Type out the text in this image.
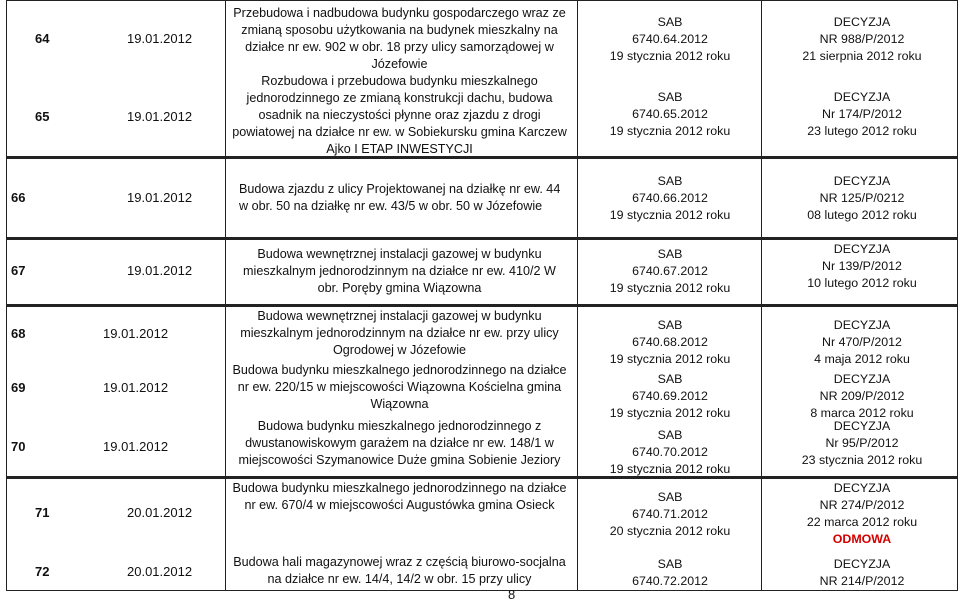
64	19.01.2012
Przebudowa i nadbudowa budynku gospodarczego wraz ze zmianą sposobu użytkowania na budynek mieszkalny na działce nr ew. 902 w obr. 18 przy ulicy samorządowej w Józefowie
SAB
6740.64.2012
19 stycznia 2012 roku
DECYZJA
NR 988/P/2012
21 sierpnia 2012 roku
65	19.01.2012
Rozbudowa i przebudowa budynku mieszkalnego jednorodzinnego ze zmianą konstrukcji dachu, budowa osadnik na nieczystości płynne oraz zjazdu z drogi powiatowej na działce nr ew. w Sobiekursku gmina Karczew Ajko I ETAP INWESTYCJI
SAB
6740.65.2012
19 stycznia 2012 roku
DECYZJA
Nr 174/P/2012
23 lutego 2012 roku
66	19.01.2012
Budowa zjazdu z ulicy Projektowanej na działkę nr ew. 44 w obr. 50 na działkę nr ew. 43/5 w obr. 50 w Józefowie
SAB
6740.66.2012
19 stycznia 2012 roku
DECYZJA
NR 125/P/0212
08 lutego 2012 roku
67	19.01.2012
Budowa wewnętrznej instalacji gazowej w budynku mieszkalnym jednorodzinnym na działce nr ew. 410/2 W obr. Poręby gmina Wiązowna
SAB
6740.67.2012
19 stycznia 2012 roku
DECYZJA
Nr 139/P/2012
10 lutego 2012 roku
68	19.01.2012
Budowa wewnętrznej instalacji gazowej w budynku mieszkalnym jednorodzinnym na działce nr ew. przy ulicy Ogrodowej w Józefowie
SAB
6740.68.2012
19 stycznia 2012 roku
DECYZJA
Nr 470/P/2012
4 maja 2012 roku
69	19.01.2012
Budowa budynku mieszkalnego jednorodzinnego na działce nr ew. 220/15 w miejscowości Wiązowna Kościelna gmina Wiązowna
SAB
6740.69.2012
19 stycznia 2012 roku
DECYZJA
NR 209/P/2012
8 marca 2012 roku
70	19.01.2012
Budowa budynku mieszkalnego jednorodzinnego z dwustanowiskowym garażem na działce nr ew. 148/1 w miejscowości Szymanowice Duże gmina Sobienie Jeziory
SAB
6740.70.2012
19 stycznia 2012 roku
DECYZJA
Nr 95/P/2012
23 stycznia 2012 roku
71	20.01.2012
Budowa budynku mieszkalnego jednorodzinnego na działce nr ew. 670/4 w miejscowości Augustówka gmina Osieck
SAB
6740.71.2012
20 stycznia 2012 roku
DECYZJA
NR 274/P/2012
22 marca 2012 roku
ODMOWA
72	20.01.2012
Budowa hali magazynowej wraz z częścią biurowo-socjalna na działce nr ew. 14/4, 14/2 w obr. 15 przy ulicy
SAB
6740.72.2012
DECYZJA
NR 214/P/2012
8
